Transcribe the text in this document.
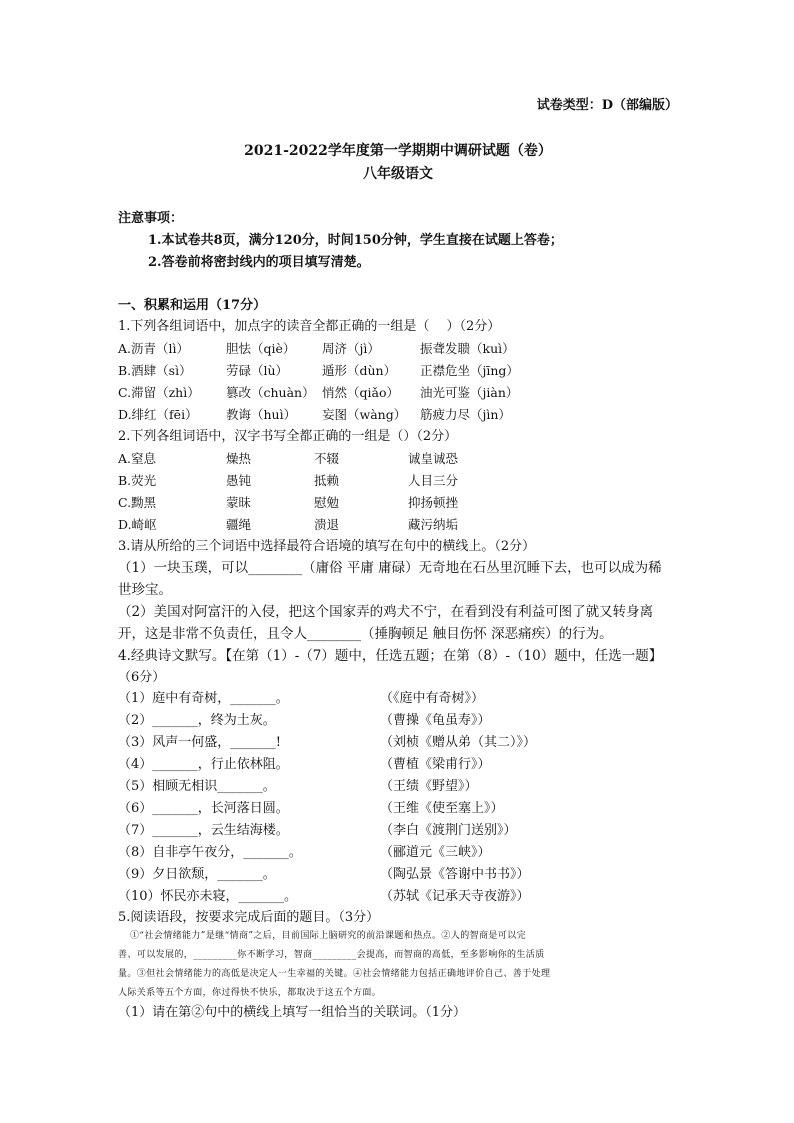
试卷类型：D（部编版）
2021-2022学年度第一学期期中调研试题（卷）
八年级语文
注意事项：
1.本试卷共8页，满分120分，时间150分钟，学生直接在试题上答卷；
2.答卷前将密封线内的项目填写清楚。
一、积累和运用（17分）
1.下列各组词语中，加点字的读音全都正确的一组是（　 ）（2分）
A.沥青（lì）	胆怯（qiè） 周济（jì）	振聋发聩（kuì）
B.酒肆（sì）	劳碌（lù）	遁形（dùn） 正襟危坐（jīng）
C.滞留（zhì） 篡改（chuàn） 悄然（qiǎo） 油光可鉴（jiàn）
D.绯红（fēi） 教诲（huì） 妄图（wàng） 筋疲力尽（jìn）
2.下列各组词语中，汉字书写全都正确的一组是（）（2分）
A.窒息	燥热	不辍	诚皇诚恐
B.荧光	愚钝	抵赖	人目三分
C.黝黑	蒙昧	慰勉	抑扬顿挫
D.崎岖	疆绳	溃退	藏污纳垢
3.请从所给的三个词语中选择最符合语境的填写在句中的横线上。（2分）
（1）一块玉璞，可以________（庸俗 平庸 庸碌）无奇地在石丛里沉睡下去，也可以成为稀
世珍宝。
（2）美国对阿富汗的入侵，把这个国家弄的鸡犬不宁，在看到没有利益可图了就又转身离
开，这是非常不负责任，且令人________（捶胸顿足 触目伤怀 深恶痛疾）的行为。
4.经典诗文默写。【在第（1）-（7）题中，任选五题；在第（8）-（10）题中，任选一题】
（6分）
（1）庭中有奇树，_______。	（《庭中有奇树》）
（2）_______，终为土灰。	（曹操《龟虽寿》）
（3）风声一何盛，_______!	（刘桢《赠从弟（其二）》）
（4）_______，行止依林阻。	（曹植《梁甫行》）
（5）相顾无相识_______。	（王绩《野望》）
（6）_______，长河落日圆。	（王维《使至塞上》）
（7）_______，云生结海楼。	（李白《渡荆门送别》）
（8）自非亭午夜分，_______。	（郦道元《三峡》）
（9）夕日欲颓，_______。	（陶弘景《答谢中书书》）
（10）怀民亦未寝，_______。	（苏轼《记承天寺夜游》）
5.阅读语段，按要求完成后面的题目。（3分）
①“社会情绪能力”是继“情商”之后，目前国际上脑研究的前沿课题和热点。②人的智商是可以完
善、可以发展的，_________你不断学习，智商_________会提高，而智商的高低，至多影响你的生活质
量。③但社会情绪能力的高低是决定人一生幸福的关键。④社会情绪能力包括正确地评价自己、善于处理
人际关系等五个方面，你过得快不快乐，都取决于这五个方面。
（1）请在第②句中的横线上填写一组恰当的关联词。（1分）
